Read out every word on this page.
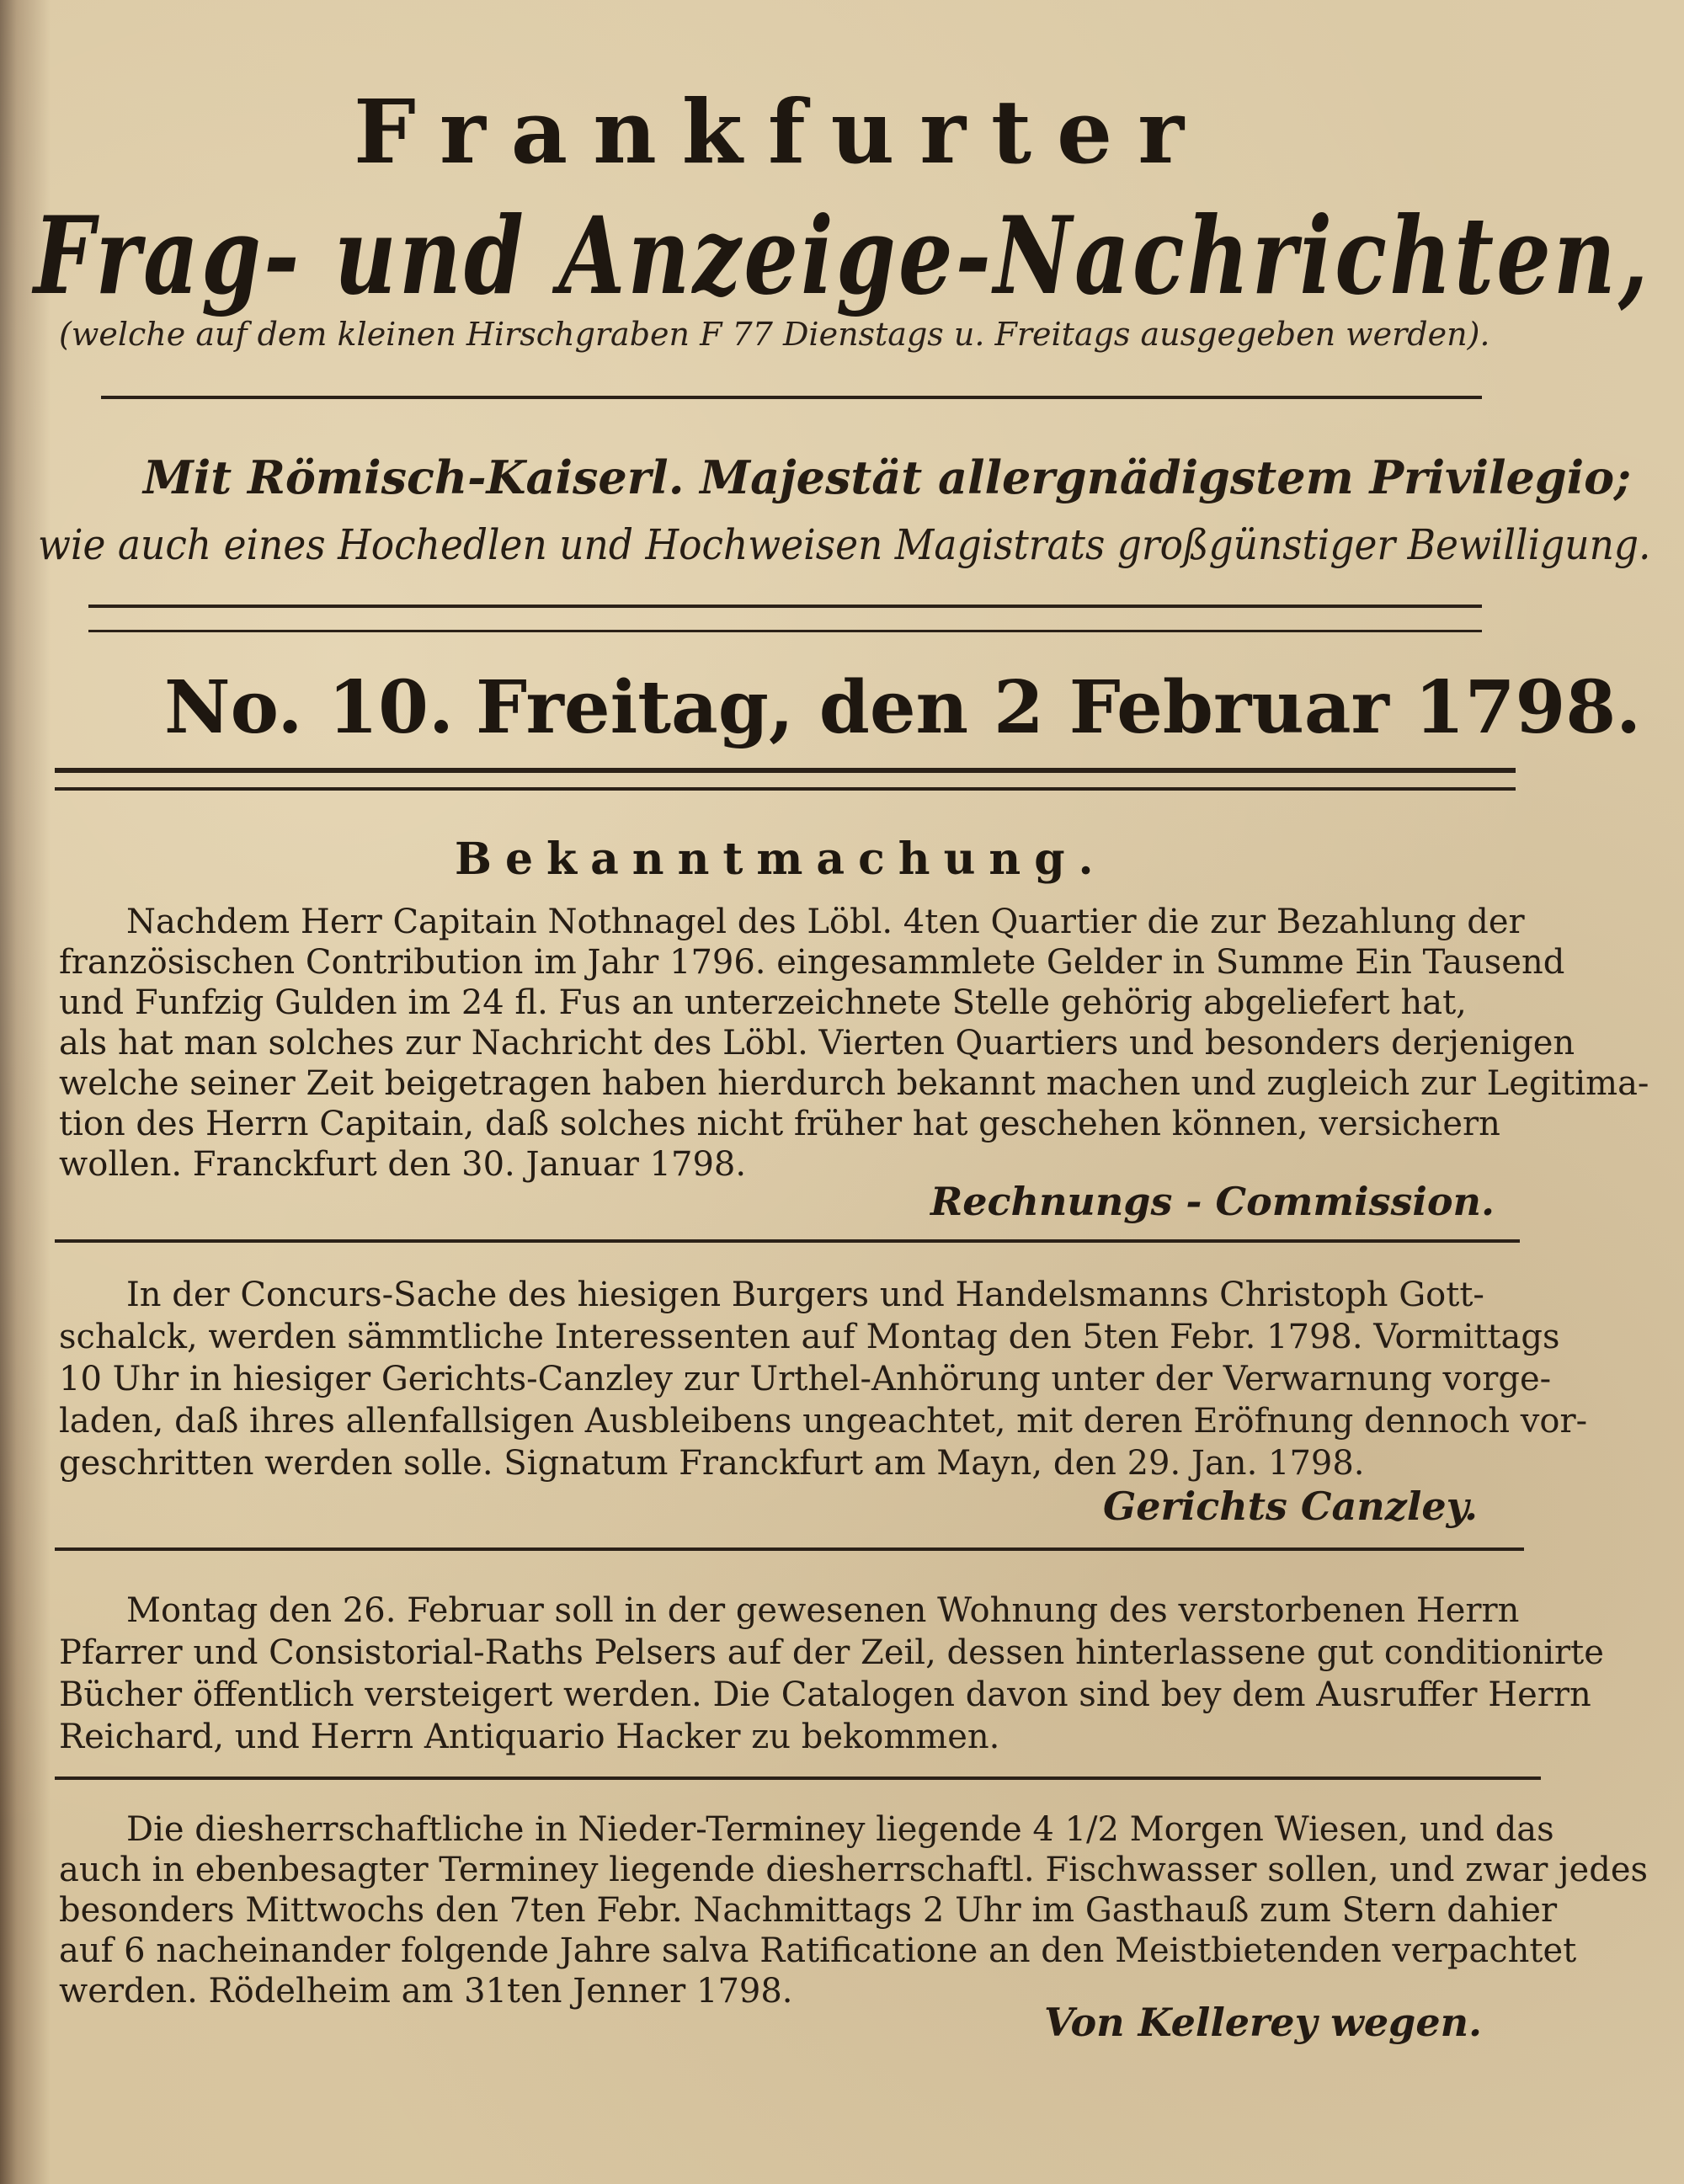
Frankfurter
Frag- und Anzeige-Nachrichten,
(welche auf dem kleinen Hirschgraben F 77 Dienstags u. Freitags ausgegeben werden).
Mit Römisch-Kaiserl. Majestät allergnädigstem Privilegio;
wie auch eines Hochedlen und Hochweisen Magistrats großgünstiger Bewilligung.
No. 10. Freitag, den 2 Februar 1798.
Bekanntmachung.
Nachdem Herr Capitain Nothnagel des Löbl. 4ten Quartier die zur Bezahlung der
französischen Contribution im Jahr 1796. eingesammlete Gelder in Summe Ein Tausend
und Funfzig Gulden im 24 fl. Fus an unterzeichnete Stelle gehörig abgeliefert hat,
als hat man solches zur Nachricht des Löbl. Vierten Quartiers und besonders derjenigen
welche seiner Zeit beigetragen haben hierdurch bekannt machen und zugleich zur Legitima-
tion des Herrn Capitain, daß solches nicht früher hat geschehen können, versichern
wollen. Franckfurt den 30. Januar 1798.
Rechnungs - Commission.
In der Concurs-Sache des hiesigen Burgers und Handelsmanns Christoph Gott-
schalck, werden sämmtliche Interessenten auf Montag den 5ten Febr. 1798. Vormittags
10 Uhr in hiesiger Gerichts-Canzley zur Urthel-Anhörung unter der Verwarnung vorge-
laden, daß ihres allenfallsigen Ausbleibens ungeachtet, mit deren Eröfnung dennoch vor-
geschritten werden solle. Signatum Franckfurt am Mayn, den 29. Jan. 1798.
Gerichts Canzley.
Montag den 26. Februar soll in der gewesenen Wohnung des verstorbenen Herrn
Pfarrer und Consistorial-Raths Pelsers auf der Zeil, dessen hinterlassene gut conditionirte
Bücher öffentlich versteigert werden. Die Catalogen davon sind bey dem Ausruffer Herrn
Reichard, und Herrn Antiquario Hacker zu bekommen.
Die diesherrschaftliche in Nieder-Terminey liegende 4 1/2 Morgen Wiesen, und das
auch in ebenbesagter Terminey liegende diesherrschaftl. Fischwasser sollen, und zwar jedes
besonders Mittwochs den 7ten Febr. Nachmittags 2 Uhr im Gasthauß zum Stern dahier
auf 6 nacheinander folgende Jahre salva Ratificatione an den Meistbietenden verpachtet
werden. Rödelheim am 31ten Jenner 1798.
Von Kellerey wegen.
